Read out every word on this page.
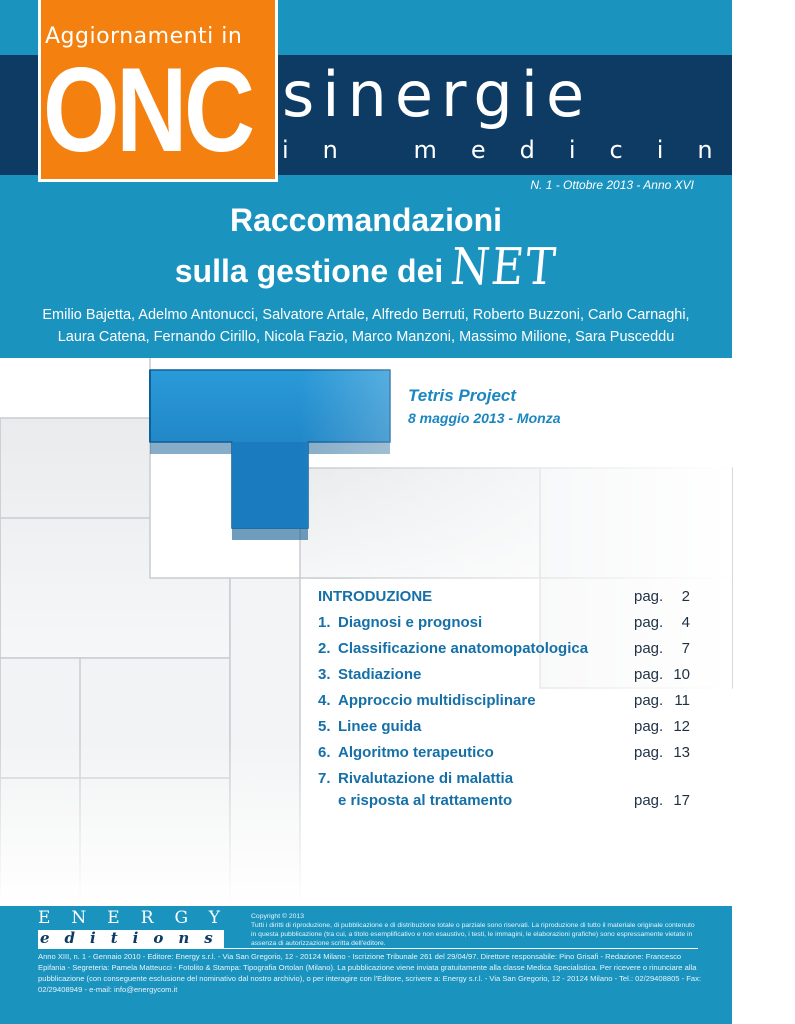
Aggiornamenti in
ONC sinergie
in medicina
N. 1 - Ottobre 2013 - Anno XVI
Raccomandazioni
sulla gestione dei NET
Emilio Bajetta, Adelmo Antonucci, Salvatore Artale, Alfredo Berruti, Roberto Buzzoni, Carlo Carnaghi,
Laura Catena, Fernando Cirillo, Nicola Fazio, Marco Manzoni, Massimo Milione, Sara Pusceddu
Tetris Project
8 maggio 2013 - Monza
INTRODUZIONE	pag. 2
1. Diagnosi e prognosi	pag. 4
2. Classificazione anatomopatologica	pag. 7
3. Stadiazione	pag. 10
4. Approccio multidisciplinare	pag. 11
5. Linee guida	pag. 12
6. Algoritmo terapeutico	pag. 13
7. Rivalutazione di malattia
e risposta al trattamento	pag. 17
ENERGY
editions
Copyright © 2013
Tutti i diritti di riproduzione, di pubblicazione e di distribuzione totale o parziale sono riservati. La riproduzione di tutto il materiale originale contenuto in questa pubblicazione (tra cui, a titolo esemplificativo e non esaustivo, i testi, le immagini, le elaborazioni grafiche) sono espressamente vietate in assenza di autorizzazione scritta dell'editore.
Anno XIII, n. 1 - Gennaio 2010 - Editore: Energy s.r.l. - Via San Gregorio, 12 - 20124 Milano - Iscrizione Tribunale 261 del 29/04/97. Direttore responsabile: Pino Grisafi - Redazione: Francesco Epifania - Segreteria: Pamela Matteucci - Fotolito & Stampa: Tipografia Ortolan (Milano). La pubblicazione viene inviata gratuitamente alla classe Medica Specialistica. Per ricevere o rinunciare alla pubblicazione (con conseguente esclusione del nominativo dal nostro archivio), o per interagire con l'Editore, scrivere a: Energy s.r.l. - Via San Gregorio, 12 - 20124 Milano - Tel.: 02/29408805 - Fax: 02/29408949 - e-mail: info@energycom.it
